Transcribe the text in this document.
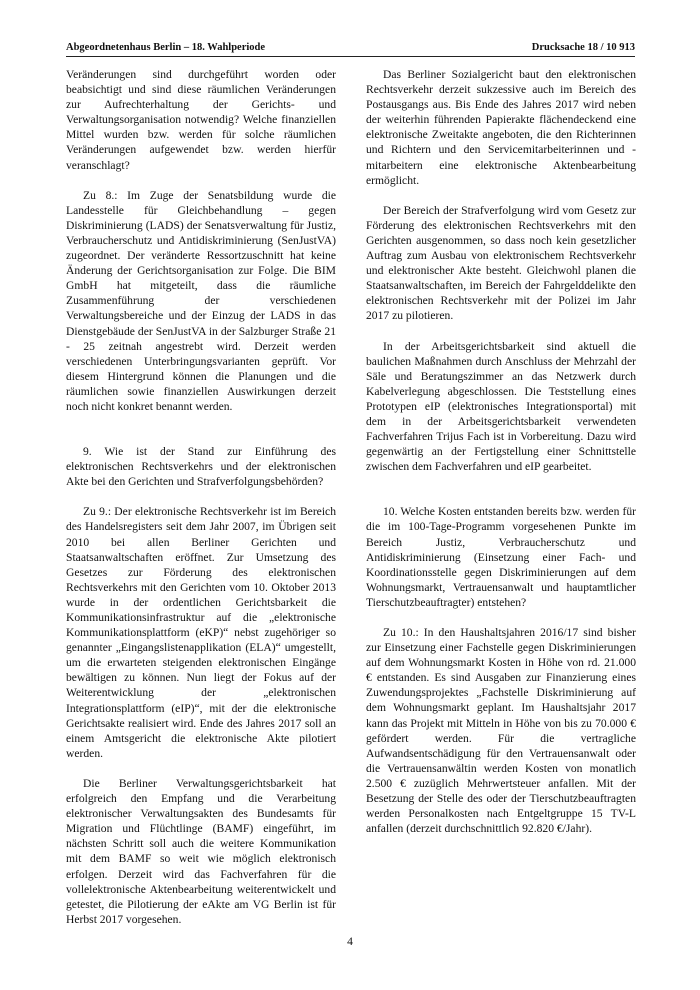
Abgeordnetenhaus Berlin – 18. Wahlperiode	Drucksache 18 / 10 913

Veränderungen sind durchgeführt worden oder beabsichtigt und sind diese räumlichen Veränderungen zur Aufrechterhaltung der Gerichts- und Verwaltungsorganisation notwendig? Welche finanziellen Mittel wurden bzw. werden für solche räumlichen Veränderungen aufgewendet bzw. werden hierfür veranschlagt?

Zu 8.: Im Zuge der Senatsbildung wurde die Landesstelle für Gleichbehandlung – gegen Diskriminierung (LADS) der Senatsverwaltung für Justiz, Verbraucherschutz und Antidiskriminierung (SenJustVA) zugeordnet. Der veränderte Ressortzuschnitt hat keine Änderung der Gerichtsorganisation zur Folge. Die BIM GmbH hat mitgeteilt, dass die räumliche Zusammenführung der verschiedenen Verwaltungsbereiche und der Einzug der LADS in das Dienstgebäude der SenJustVA in der Salzburger Straße 21 - 25 zeitnah angestrebt wird. Derzeit werden verschiedenen Unterbringungsvarianten geprüft. Vor diesem Hintergrund können die Planungen und die räumlichen sowie finanziellen Auswirkungen derzeit noch nicht konkret benannt werden.

9. Wie ist der Stand zur Einführung des elektronischen Rechtsverkehrs und der elektronischen Akte bei den Gerichten und Strafverfolgungsbehörden?

Zu 9.: Der elektronische Rechtsverkehr ist im Bereich des Handelsregisters seit dem Jahr 2007, im Übrigen seit 2010 bei allen Berliner Gerichten und Staatsanwaltschaften eröffnet. Zur Umsetzung des Gesetzes zur Förderung des elektronischen Rechtsverkehrs mit den Gerichten vom 10. Oktober 2013 wurde in der ordentlichen Gerichtsbarkeit die Kommunikationsinfrastruktur auf die „elektronische Kommunikationsplattform (eKP)“ nebst zugehöriger so genannter „Eingangslistenapplikation (ELA)“ umgestellt, um die erwarteten steigenden elektronischen Eingänge bewältigen zu können. Nun liegt der Fokus auf der Weiterentwicklung der „elektronischen Integrationsplattform (eIP)“, mit der die elektronische Gerichtsakte realisiert wird. Ende des Jahres 2017 soll an einem Amtsgericht die elektronische Akte pilotiert werden.

Die Berliner Verwaltungsgerichtsbarkeit hat erfolgreich den Empfang und die Verarbeitung elektronischer Verwaltungsakten des Bundesamts für Migration und Flüchtlinge (BAMF) eingeführt, im nächsten Schritt soll auch die weitere Kommunikation mit dem BAMF so weit wie möglich elektronisch erfolgen. Derzeit wird das Fachverfahren für die vollelektronische Aktenbearbeitung weiterentwickelt und getestet, die Pilotierung der eAkte am VG Berlin ist für Herbst 2017 vorgesehen.

Das Berliner Sozialgericht baut den elektronischen Rechtsverkehr derzeit sukzessive auch im Bereich des Postausgangs aus. Bis Ende des Jahres 2017 wird neben der weiterhin führenden Papierakte flächendeckend eine elektronische Zweitakte angeboten, die den Richterinnen und Richtern und den Servicemitarbeiterinnen und -mitarbeitern eine elektronische Aktenbearbeitung ermöglicht.

Der Bereich der Strafverfolgung wird vom Gesetz zur Förderung des elektronischen Rechtsverkehrs mit den Gerichten ausgenommen, so dass noch kein gesetzlicher Auftrag zum Ausbau von elektronischem Rechtsverkehr und elektronischer Akte besteht. Gleichwohl planen die Staatsanwaltschaften, im Bereich der Fahrgelddelikte den elektronischen Rechtsverkehr mit der Polizei im Jahr 2017 zu pilotieren.

In der Arbeitsgerichtsbarkeit sind aktuell die baulichen Maßnahmen durch Anschluss der Mehrzahl der Säle und Beratungszimmer an das Netzwerk durch Kabelverlegung abgeschlossen. Die Teststellung eines Prototypen eIP (elektronisches Integrationsportal) mit dem in der Arbeitsgerichtsbarkeit verwendeten Fachverfahren Trijus Fach ist in Vorbereitung. Dazu wird gegenwärtig an der Fertigstellung einer Schnittstelle zwischen dem Fachverfahren und eIP gearbeitet.

10. Welche Kosten entstanden bereits bzw. werden für die im 100-Tage-Programm vorgesehenen Punkte im Bereich Justiz, Verbraucherschutz und Antidiskriminierung (Einsetzung einer Fach- und Koordinationsstelle gegen Diskriminierungen auf dem Wohnungsmarkt, Vertrauensanwalt und hauptamtlicher Tierschutzbeauftragter) entstehen?

Zu 10.: In den Haushaltsjahren 2016/17 sind bisher zur Einsetzung einer Fachstelle gegen Diskriminierungen auf dem Wohnungsmarkt Kosten in Höhe von rd. 21.000 € entstanden. Es sind Ausgaben zur Finanzierung eines Zuwendungsprojektes „Fachstelle Diskriminierung auf dem Wohnungsmarkt geplant. Im Haushaltsjahr 2017 kann das Projekt mit Mitteln in Höhe von bis zu 70.000 € gefördert werden. Für die vertragliche Aufwandsentschädigung für den Vertrauensanwalt oder die Vertrauensanwältin werden Kosten von monatlich 2.500 € zuzüglich Mehrwertsteuer anfallen. Mit der Besetzung der Stelle des oder der Tierschutzbeauftragten werden Personalkosten nach Entgeltgruppe 15 TV-L anfallen (derzeit durchschnittlich 92.820 €/Jahr).

4
